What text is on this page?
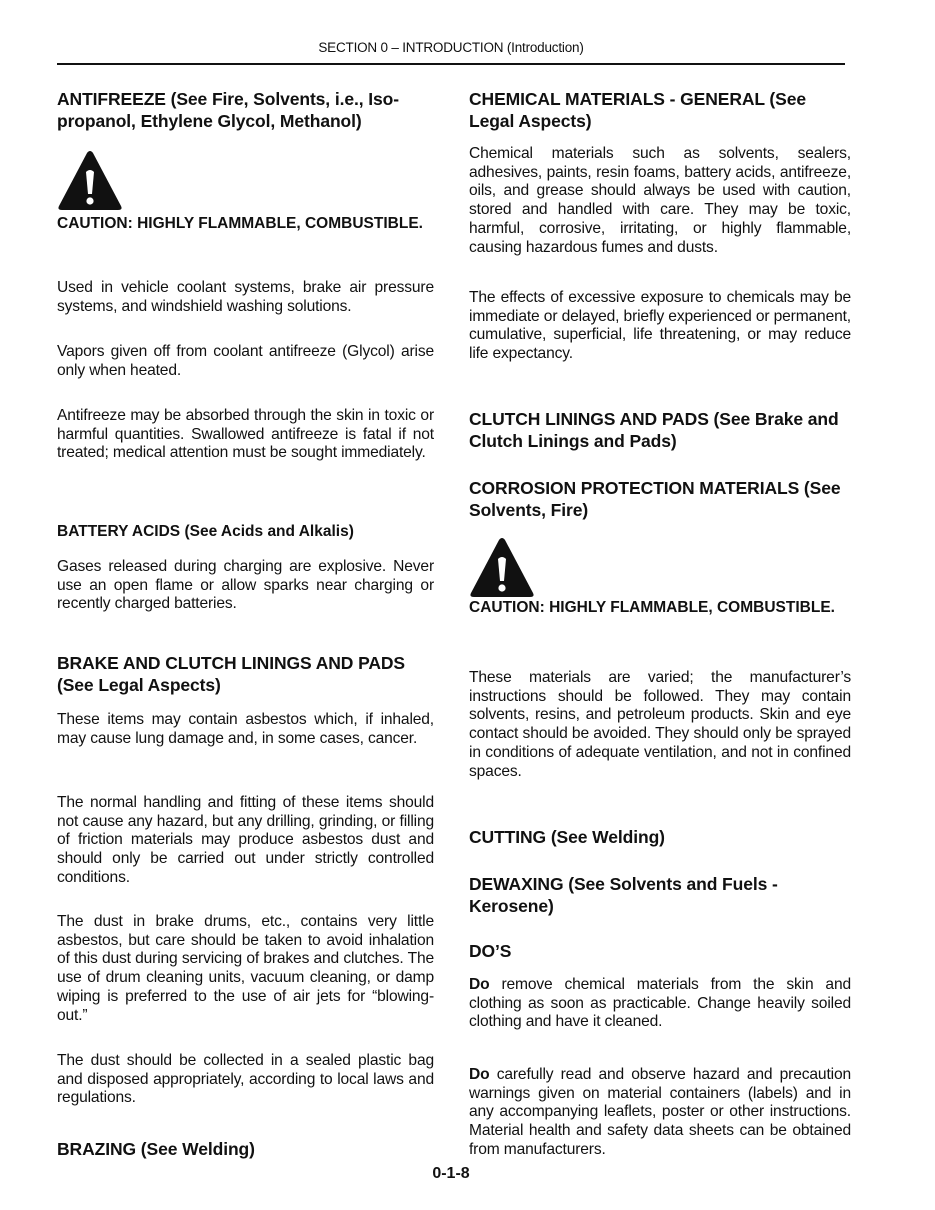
SECTION 0 – INTRODUCTION (Introduction)
ANTIFREEZE (See Fire, Solvents, i.e., Iso-propanol, Ethylene Glycol, Methanol)
CAUTION: HIGHLY FLAMMABLE, COMBUSTIBLE.

Used in vehicle coolant systems, brake air pressure systems, and windshield washing solutions.

Vapors given off from coolant antifreeze (Glycol) arise only when heated.

Antifreeze may be absorbed through the skin in toxic or harmful quantities. Swallowed antifreeze is fatal if not treated; medical attention must be sought immediately.

BATTERY ACIDS (See Acids and Alkalis)

Gases released during charging are explosive. Never use an open flame or allow sparks near charging or recently charged batteries.

BRAKE AND CLUTCH LININGS AND PADS (See Legal Aspects)

These items may contain asbestos which, if inhaled, may cause lung damage and, in some cases, cancer.

The normal handling and fitting of these items should not cause any hazard, but any drilling, grinding, or filling of friction materials may produce asbestos dust and should only be carried out under strictly controlled conditions.

The dust in brake drums, etc., contains very little asbestos, but care should be taken to avoid inhalation of this dust during servicing of brakes and clutches. The use of drum cleaning units, vacuum cleaning, or damp wiping is preferred to the use of air jets for “blowing-out.”

The dust should be collected in a sealed plastic bag and disposed appropriately, according to local laws and regulations.

BRAZING (See Welding)
CHEMICAL MATERIALS - GENERAL (See Legal Aspects)

Chemical materials such as solvents, sealers, adhesives, paints, resin foams, battery acids, antifreeze, oils, and grease should always be used with caution, stored and handled with care. They may be toxic, harmful, corrosive, irritating, or highly flammable, causing hazardous fumes and dusts.

The effects of excessive exposure to chemicals may be immediate or delayed, briefly experienced or permanent, cumulative, superficial, life threatening, or may reduce life expectancy.

CLUTCH LININGS AND PADS (See Brake and Clutch Linings and Pads)
CORROSION PROTECTION MATERIALS (See Solvents, Fire)
CAUTION: HIGHLY FLAMMABLE, COMBUSTIBLE.

These materials are varied; the manufacturer’s instructions should be followed. They may contain solvents, resins, and petroleum products. Skin and eye contact should be avoided. They should only be sprayed in conditions of adequate ventilation, and not in confined spaces.

CUTTING (See Welding)
DEWAXING (See Solvents and Fuels - Kerosene)
DO’S

Do remove chemical materials from the skin and clothing as soon as practicable. Change heavily soiled clothing and have it cleaned.

Do carefully read and observe hazard and precaution warnings given on material containers (labels) and in any accompanying leaflets, poster or other instructions. Material health and safety data sheets can be obtained from manufacturers.

0-1-8
